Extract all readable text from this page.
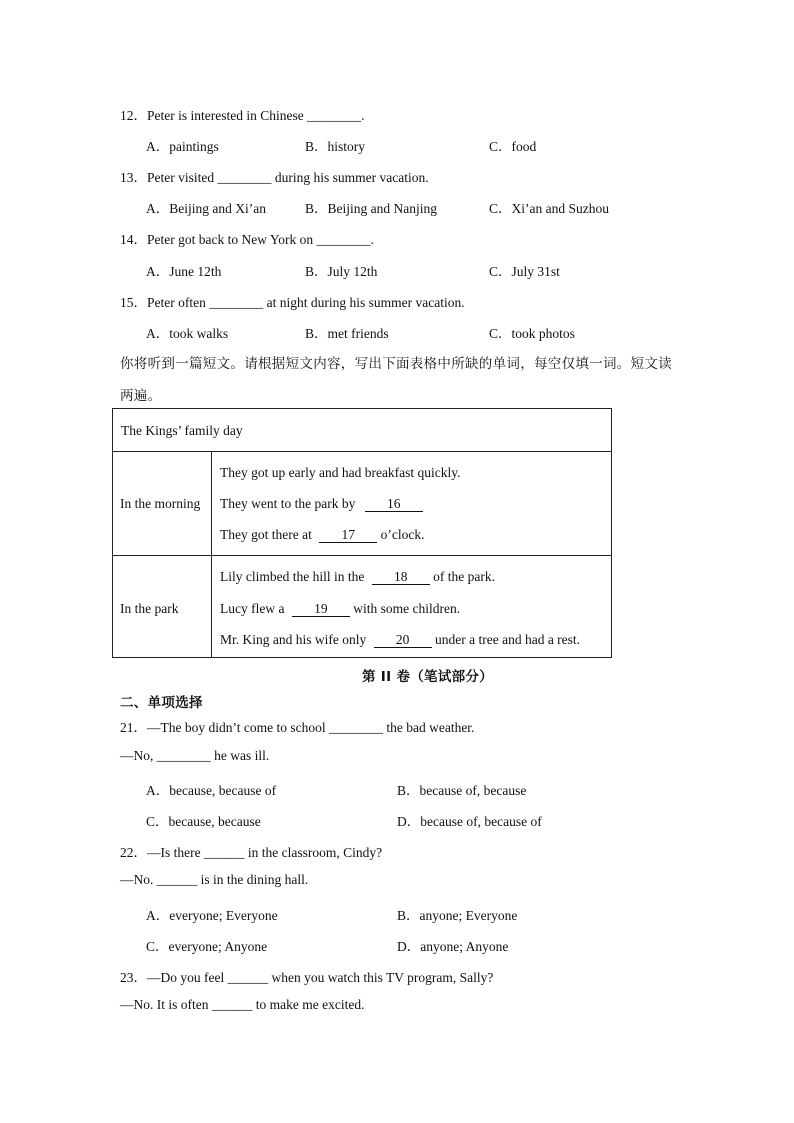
12．Peter is interested in Chinese ________.
A．paintings	B．history	C．food
13．Peter visited ________ during his summer vacation.
A．Beijing and Xi’an	B．Beijing and Nanjing	C．Xi’an and Suzhou
14．Peter got back to New York on ________.
A．June 12th	B．July 12th	C．July 31st
15．Peter often ________ at night during his summer vacation.
A．took walks	B．met friends	C．took photos
你将听到一篇短文。请根据短文内容，写出下面表格中所缺的单词，每空仅填一词。短文读
两遍。
The Kings’ family day
In the morning
They got up early and had breakfast quickly.
They went to the park by 16
They got there at 17 o’clock.
In the park
Lily climbed the hill in the 18 of the park.
Lucy flew a 19 with some children.
Mr. King and his wife only 20 under a tree and had a rest.
第 II 卷（笔试部分）
二、单项选择
21．—The boy didn’t come to school ________ the bad weather.
—No, ________ he was ill.
A．because, because of	B．because of, because
C．because, because	D．because of, because of
22．—Is there ______ in the classroom, Cindy?
—No. ______ is in the dining hall.
A．everyone; Everyone	B．anyone; Everyone
C．everyone; Anyone	D．anyone; Anyone
23．—Do you feel ______ when you watch this TV program, Sally?
—No. It is often ______ to make me excited.
